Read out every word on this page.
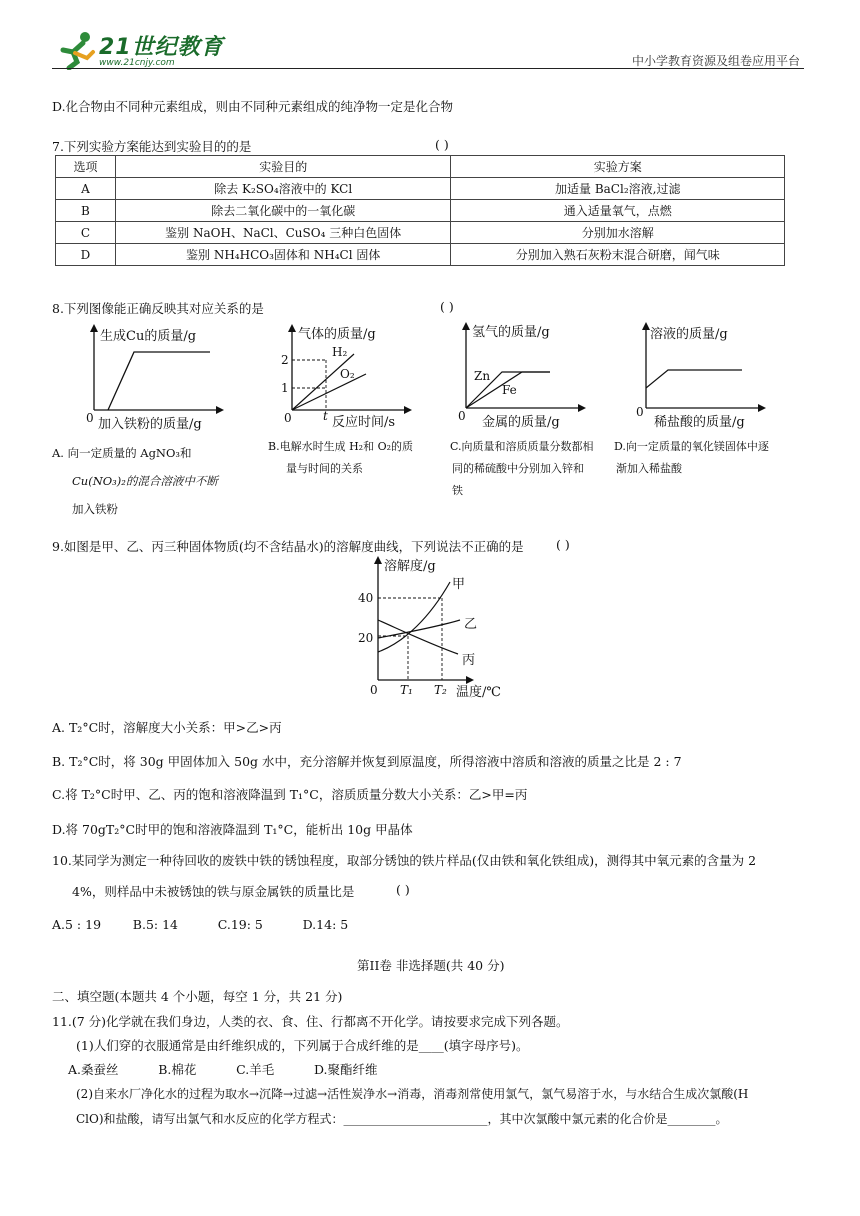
21世纪教育
www.21cnjy.com	中小学教育资源及组卷应用平台
D.化合物由不同种元素组成，则由不同种元素组成的纯净物一定是化合物
7.下列实验方案能达到实验目的的是	( )
选项	实验目的	实验方案
A	除去 K₂SO₄溶液中的 KCl	加适量 BaCl₂溶液,过滤
B	除去二氧化碳中的一氧化碳	通入适量氧气，点燃
C	鉴别 NaOH、NaCl、CuSO₄ 三种白色固体	分别加水溶解
D	鉴别 NH₄HCO₃固体和 NH₄Cl 固体	分别加入熟石灰粉末混合研磨，闻气味
8.下列图像能正确反映其对应关系的是	( )
生成Cu的质量/g
0 加入铁粉的质量/g
气体的质量/g
2
1
t
H₂
O₂
0	反应时间/s
氢气的质量/g
Zn
Fe
0 金属的质量/g
溶液的质量/g
0
稀盐酸的质量/g
A. 向一定质量的 AgNO₃和
Cu(NO₃)₂的混合溶液中不断
加入铁粉
B.电解水时生成 H₂和 O₂的质
量与时间的关系
C.向质量和溶质质量分数都相
同的稀硫酸中分别加入锌和
铁
D.向一定质量的氧化镁固体中逐
渐加入稀盐酸
9.如图是甲、乙、丙三种固体物质(均不含结晶水)的溶解度曲线，下列说法不正确的是	( )
溶解度/g
40
20
0 T₁ T₂ 温度/℃
甲
乙
丙
A. T₂°C时，溶解度大小关系：甲>乙>丙
B. T₂°C时，将 30g 甲固体加入 50g 水中，充分溶解并恢复到原温度，所得溶液中溶质和溶液的质量之比是 2 : 7
C.将 T₂°C时甲、乙、丙的饱和溶液降温到 T₁°C，溶质质量分数大小关系：乙>甲=丙
D.将 70gT₂°C时甲的饱和溶液降温到 T₁°C，能析出 10g 甲晶体
10.某同学为测定一种待回收的废铁中铁的锈蚀程度，取部分锈蚀的铁片样品(仅由铁和氧化铁组成)，测得其中氧元素的含量为 2
4%，则样品中未被锈蚀的铁与原金属铁的质量比是	( )
A.5 : 19        B.5: 14          C.19: 5          D.14: 5
第II卷 非选择题(共 40 分)
二、填空题(本题共 4 个小题，每空 1 分，共 21 分)
11.(7 分)化学就在我们身边，人类的衣、食、住、行都离不开化学。请按要求完成下列各题。
(1)人们穿的衣服通常是由纤维织成的，下列属于合成纤维的是____(填字母序号)。
A.桑蚕丝          B.棉花          C.羊毛          D.聚酯纤维
(2)自来水厂净化水的过程为取水→沉降→过滤→活性炭净水→消毒，消毒剂常使用氯气，氯气易溶于水，与水结合生成次氯酸(H
ClO)和盐酸，请写出氯气和水反应的化学方程式：________________________，其中次氯酸中氯元素的化合价是________。
